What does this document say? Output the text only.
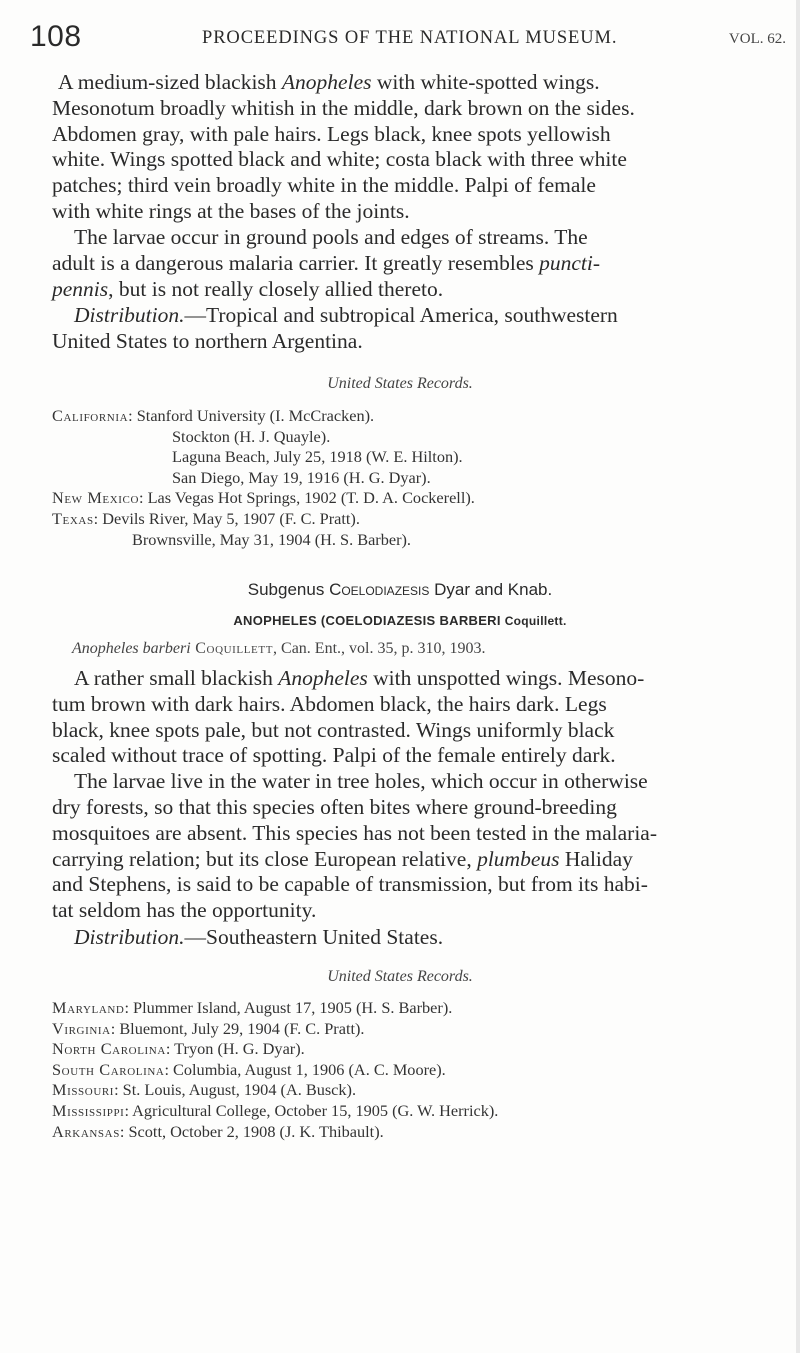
108	PROCEEDINGS OF THE NATIONAL MUSEUM.	VOL. 62.

A medium-sized blackish Anopheles with white-spotted wings.

Mesonotum broadly whitish in the middle, dark brown on the sides.

Abdomen gray, with pale hairs. Legs black, knee spots yellowish

white. Wings spotted black and white; costa black with three white

patches; third vein broadly white in the middle. Palpi of female

with white rings at the bases of the joints.

The larvae occur in ground pools and edges of streams. The

adult is a dangerous malaria carrier. It greatly resembles puncti-

pennis, but is not really closely allied thereto.

Distribution.—Tropical and subtropical America, southwestern

United States to northern Argentina.

United States Records.
California: Stanford University (I. McCracken).
Stockton (H. J. Quayle).
Laguna Beach, July 25, 1918 (W. E. Hilton).
San Diego, May 19, 1916 (H. G. Dyar).
New Mexico: Las Vegas Hot Springs, 1902 (T. D. A. Cockerell).
Texas: Devils River, May 5, 1907 (F. C. Pratt).
Brownsville, May 31, 1904 (H. S. Barber).
Subgenus Coelodiazesis Dyar and Knab.
ANOPHELES (COELODIAZESIS BARBERI Coquillett.
Anopheles barberi Coquillett, Can. Ent., vol. 35, p. 310, 1903.

A rather small blackish Anopheles with unspotted wings. Mesono-

tum brown with dark hairs. Abdomen black, the hairs dark. Legs

black, knee spots pale, but not contrasted. Wings uniformly black

scaled without trace of spotting. Palpi of the female entirely dark.

The larvae live in the water in tree holes, which occur in otherwise

dry forests, so that this species often bites where ground-breeding

mosquitoes are absent. This species has not been tested in the malaria-

carrying relation; but its close European relative, plumbeus Haliday

and Stephens, is said to be capable of transmission, but from its habi-

tat seldom has the opportunity.

Distribution.—Southeastern United States.

United States Records.
Maryland: Plummer Island, August 17, 1905 (H. S. Barber).
Virginia: Bluemont, July 29, 1904 (F. C. Pratt).
North Carolina: Tryon (H. G. Dyar).
South Carolina: Columbia, August 1, 1906 (A. C. Moore).
Missouri: St. Louis, August, 1904 (A. Busck).
Mississippi: Agricultural College, October 15, 1905 (G. W. Herrick).
Arkansas: Scott, October 2, 1908 (J. K. Thibault).
